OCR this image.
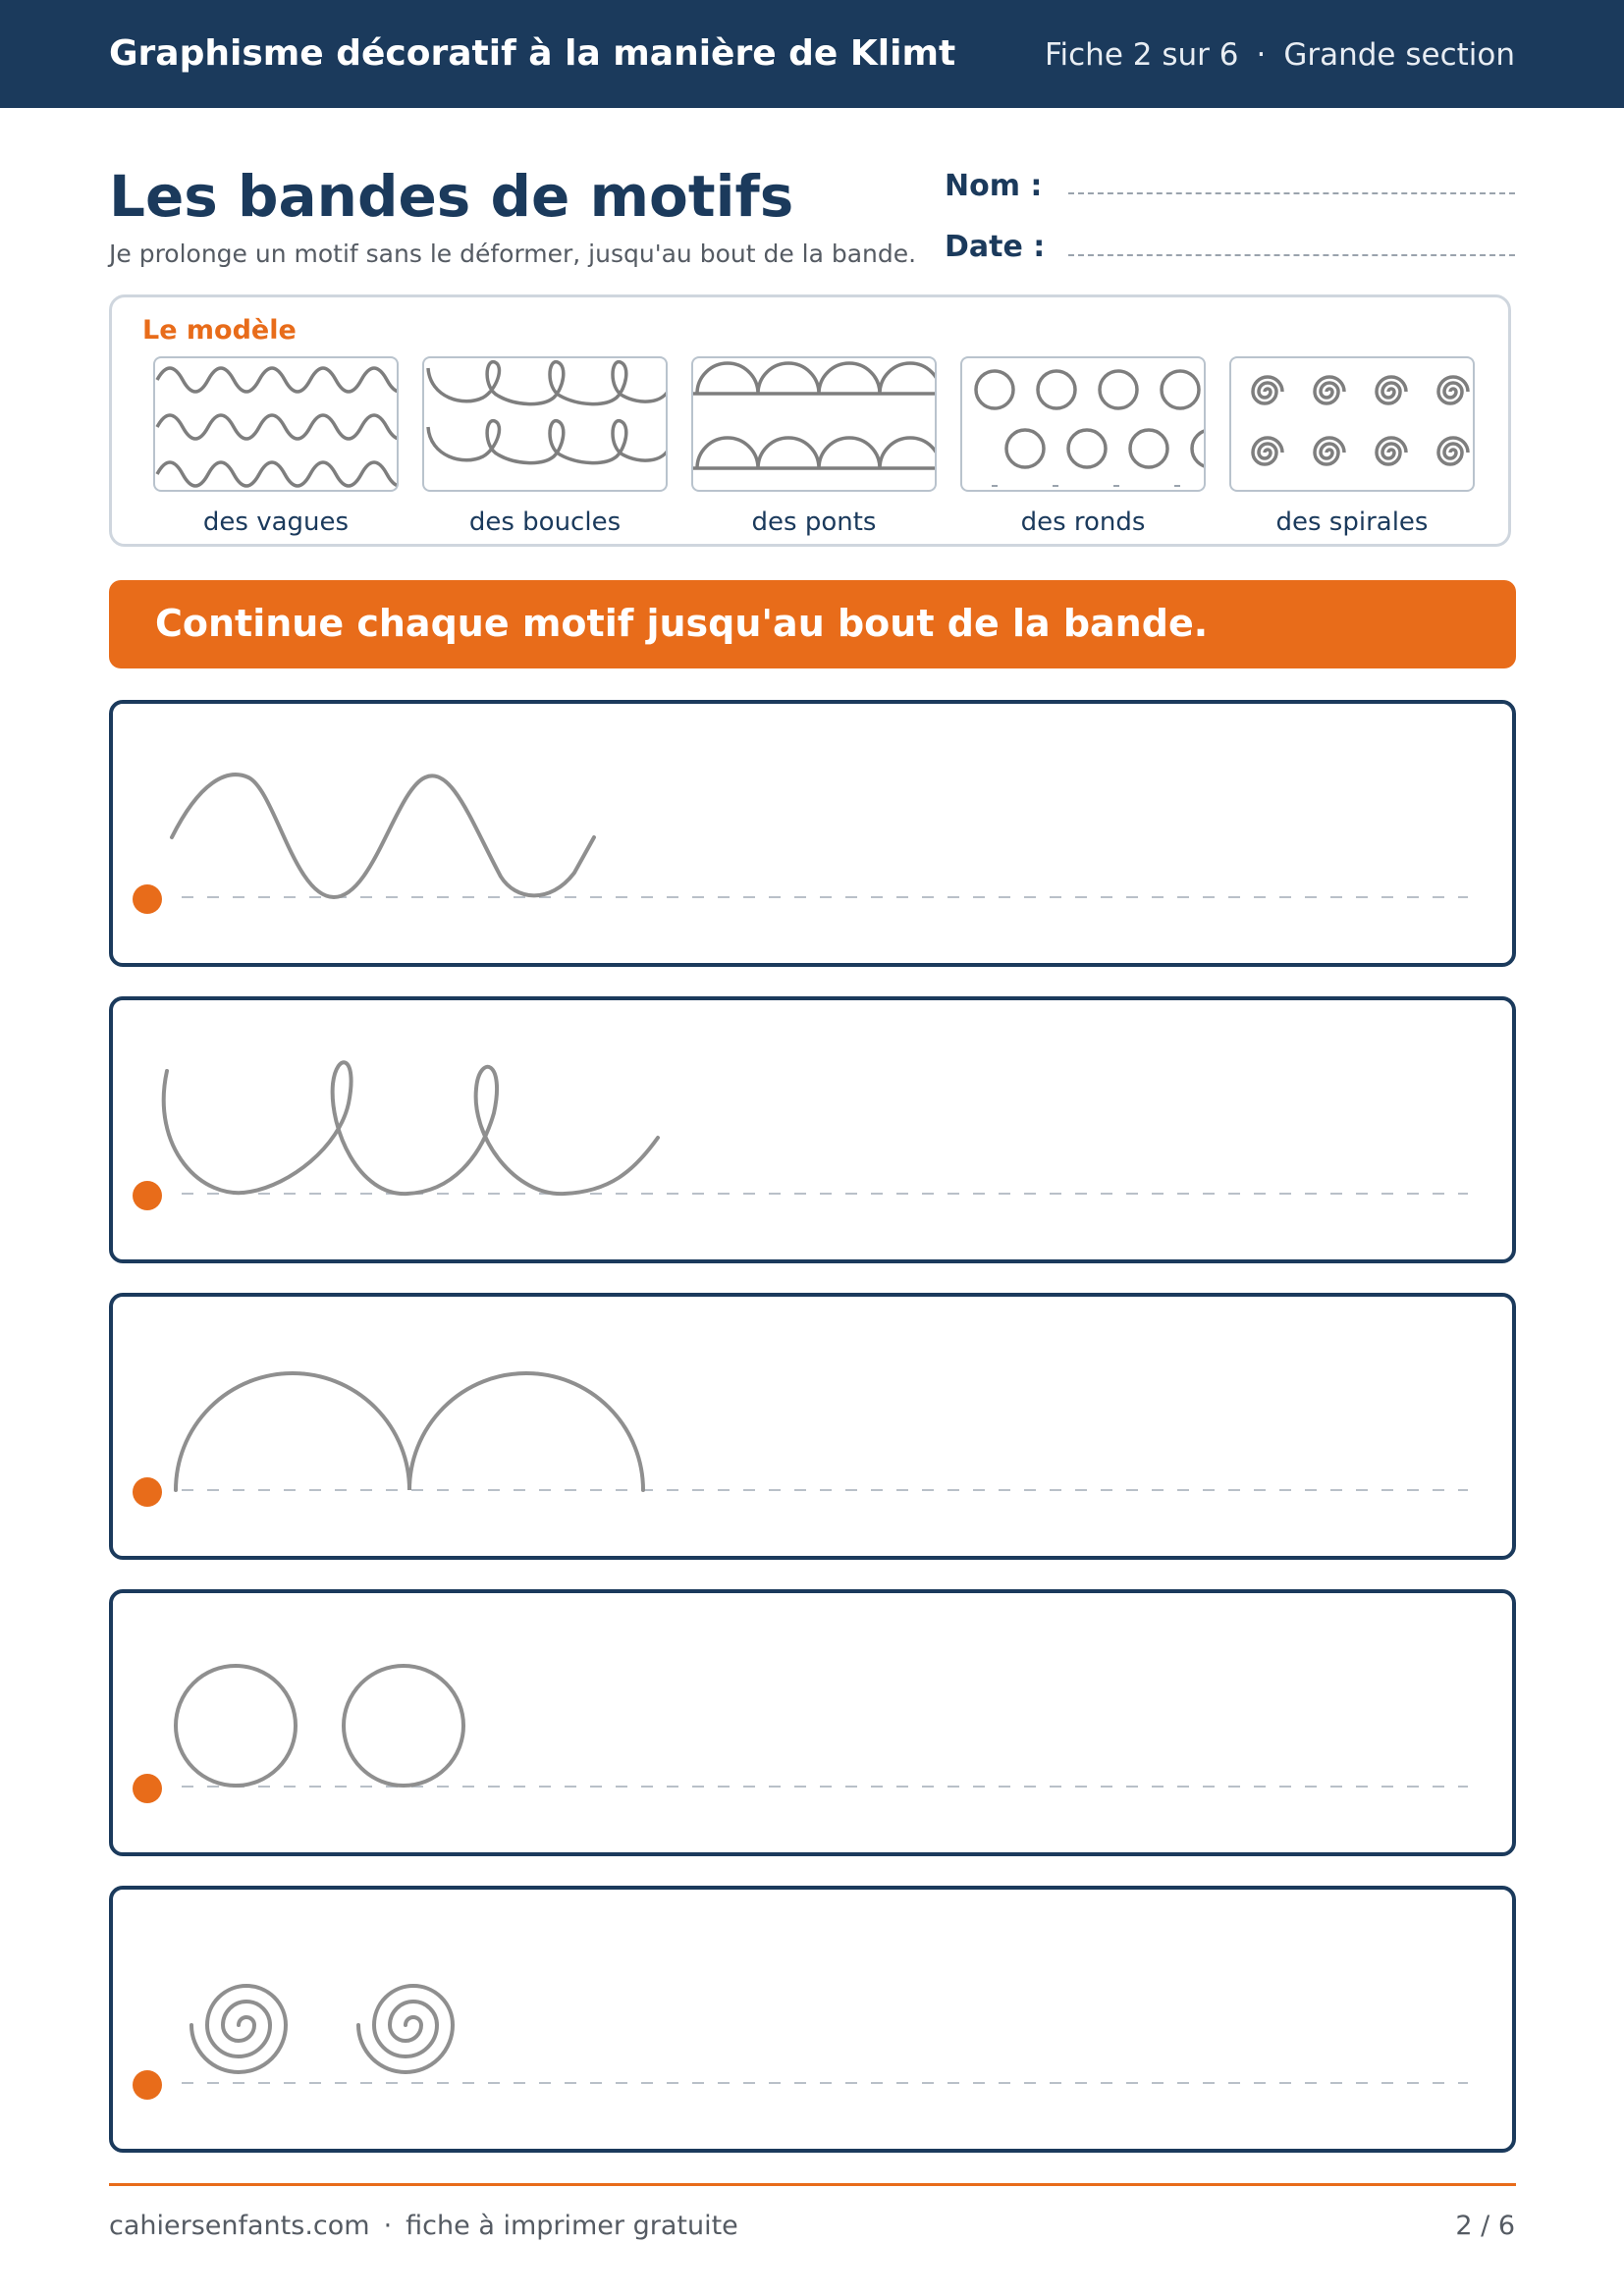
Graphisme décoratif à la manière de Klimt	Fiche 2 sur 6 · Grande section
Les bandes de motifs
Je prolonge un motif sans le déformer, jusqu'au bout de la bande.
Nom :
Date :
Le modèle
des vagues	des boucles	des ponts	des ronds	des spirales
Continue chaque motif jusqu'au bout de la bande.
cahiersenfants.com · fiche à imprimer gratuite	2 / 6
